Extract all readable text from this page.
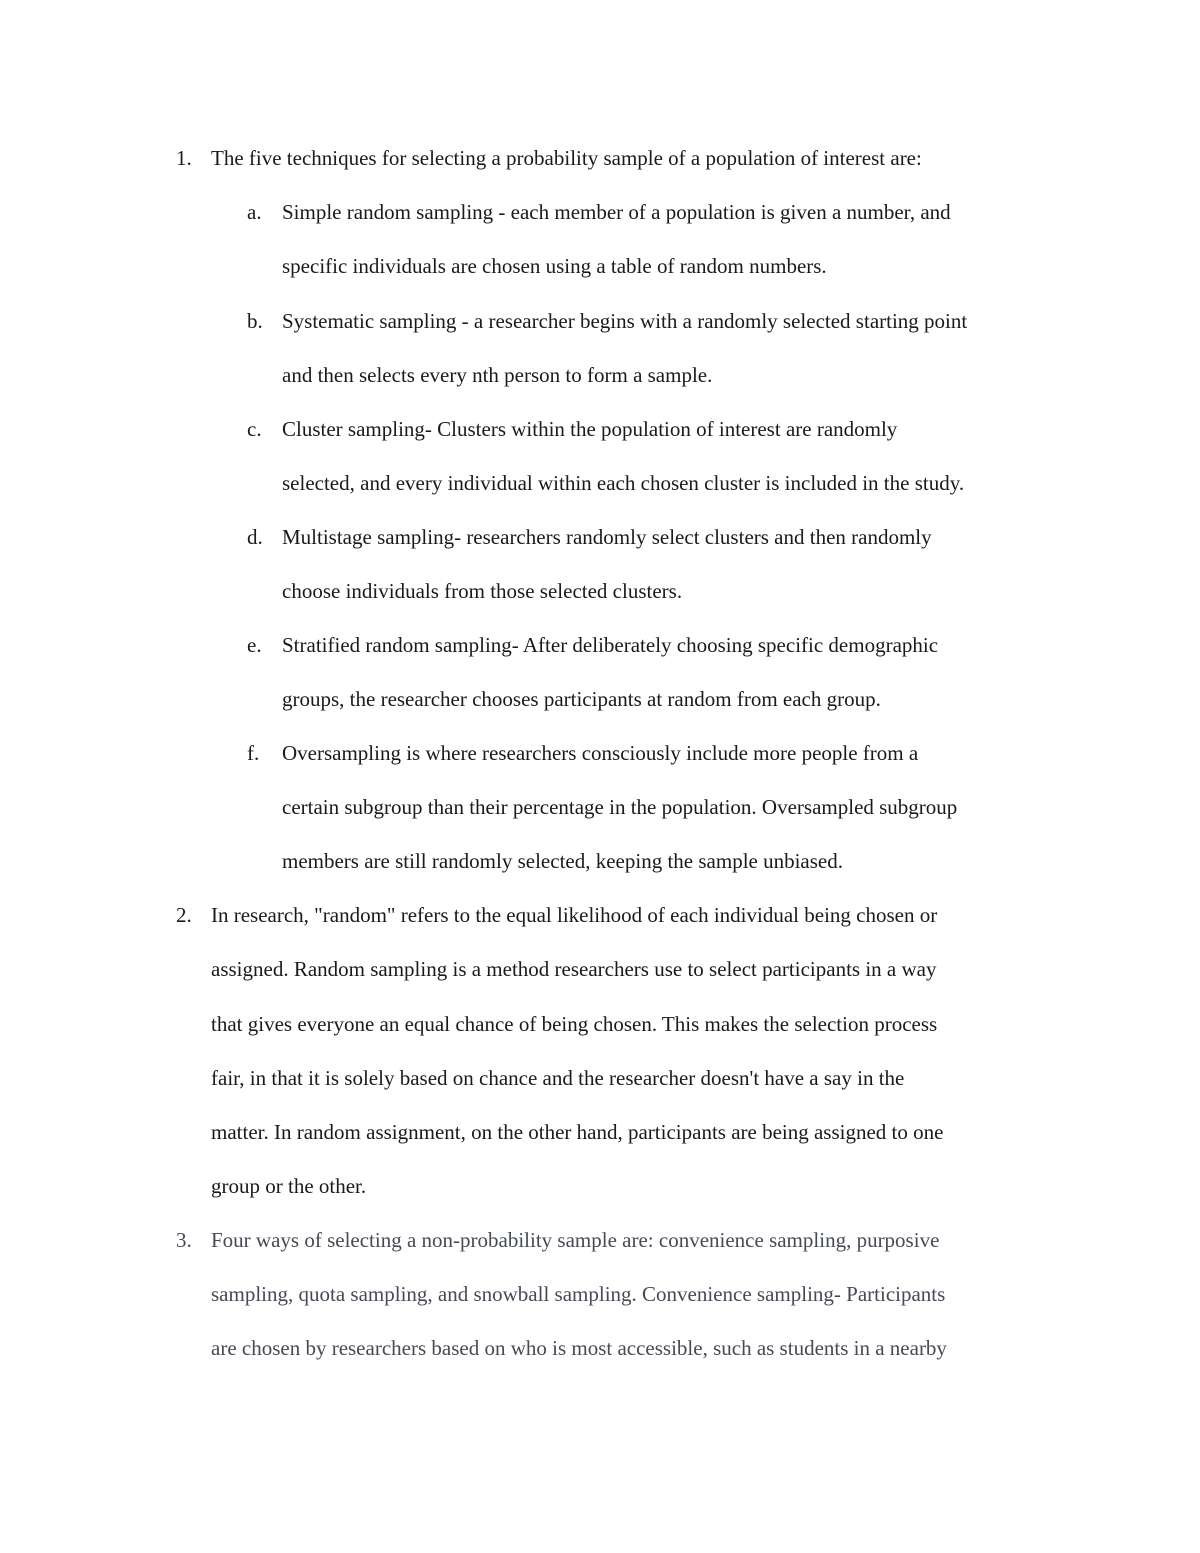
1. The five techniques for selecting a probability sample of a population of interest are:
a. Simple random sampling - each member of a population is given a number, and
specific individuals are chosen using a table of random numbers.
b. Systematic sampling - a researcher begins with a randomly selected starting point
and then selects every nth person to form a sample.
c. Cluster sampling- Clusters within the population of interest are randomly
selected, and every individual within each chosen cluster is included in the study.
d. Multistage sampling- researchers randomly select clusters and then randomly
choose individuals from those selected clusters.
e. Stratified random sampling- After deliberately choosing specific demographic
groups, the researcher chooses participants at random from each group.
f. Oversampling is where researchers consciously include more people from a
certain subgroup than their percentage in the population. Oversampled subgroup
members are still randomly selected, keeping the sample unbiased.
2. In research, "random" refers to the equal likelihood of each individual being chosen or
assigned. Random sampling is a method researchers use to select participants in a way
that gives everyone an equal chance of being chosen. This makes the selection process
fair, in that it is solely based on chance and the researcher doesn't have a say in the
matter. In random assignment, on the other hand, participants are being assigned to one
group or the other.
3. Four ways of selecting a non-probability sample are: convenience sampling, purposive
sampling, quota sampling, and snowball sampling. Convenience sampling- Participants
are chosen by researchers based on who is most accessible, such as students in a nearby
